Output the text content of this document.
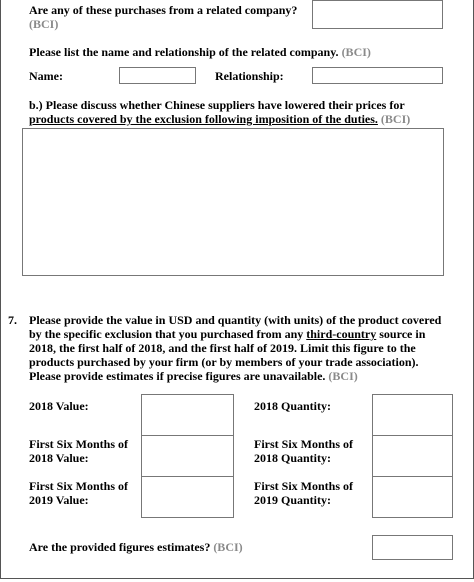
Are any of these purchases from a related company?
(BCI)
Please list the name and relationship of the related company. (BCI)
Name:	Relationship:
b.) Please discuss whether Chinese suppliers have lowered their prices for
products covered by the exclusion following imposition of the duties. (BCI)
7. Please provide the value in USD and quantity (with units) of the product covered
by the specific exclusion that you purchased from any third-country source in
2018, the first half of 2018, and the first half of 2019. Limit this figure to the
products purchased by your firm (or by members of your trade association).
Please provide estimates if precise figures are unavailable. (BCI)
2018 Value:	2018 Quantity:
First Six Months of
2018 Value:
First Six Months of
2018 Quantity:
First Six Months of
2019 Value:
First Six Months of
2019 Quantity:
Are the provided figures estimates? (BCI)
